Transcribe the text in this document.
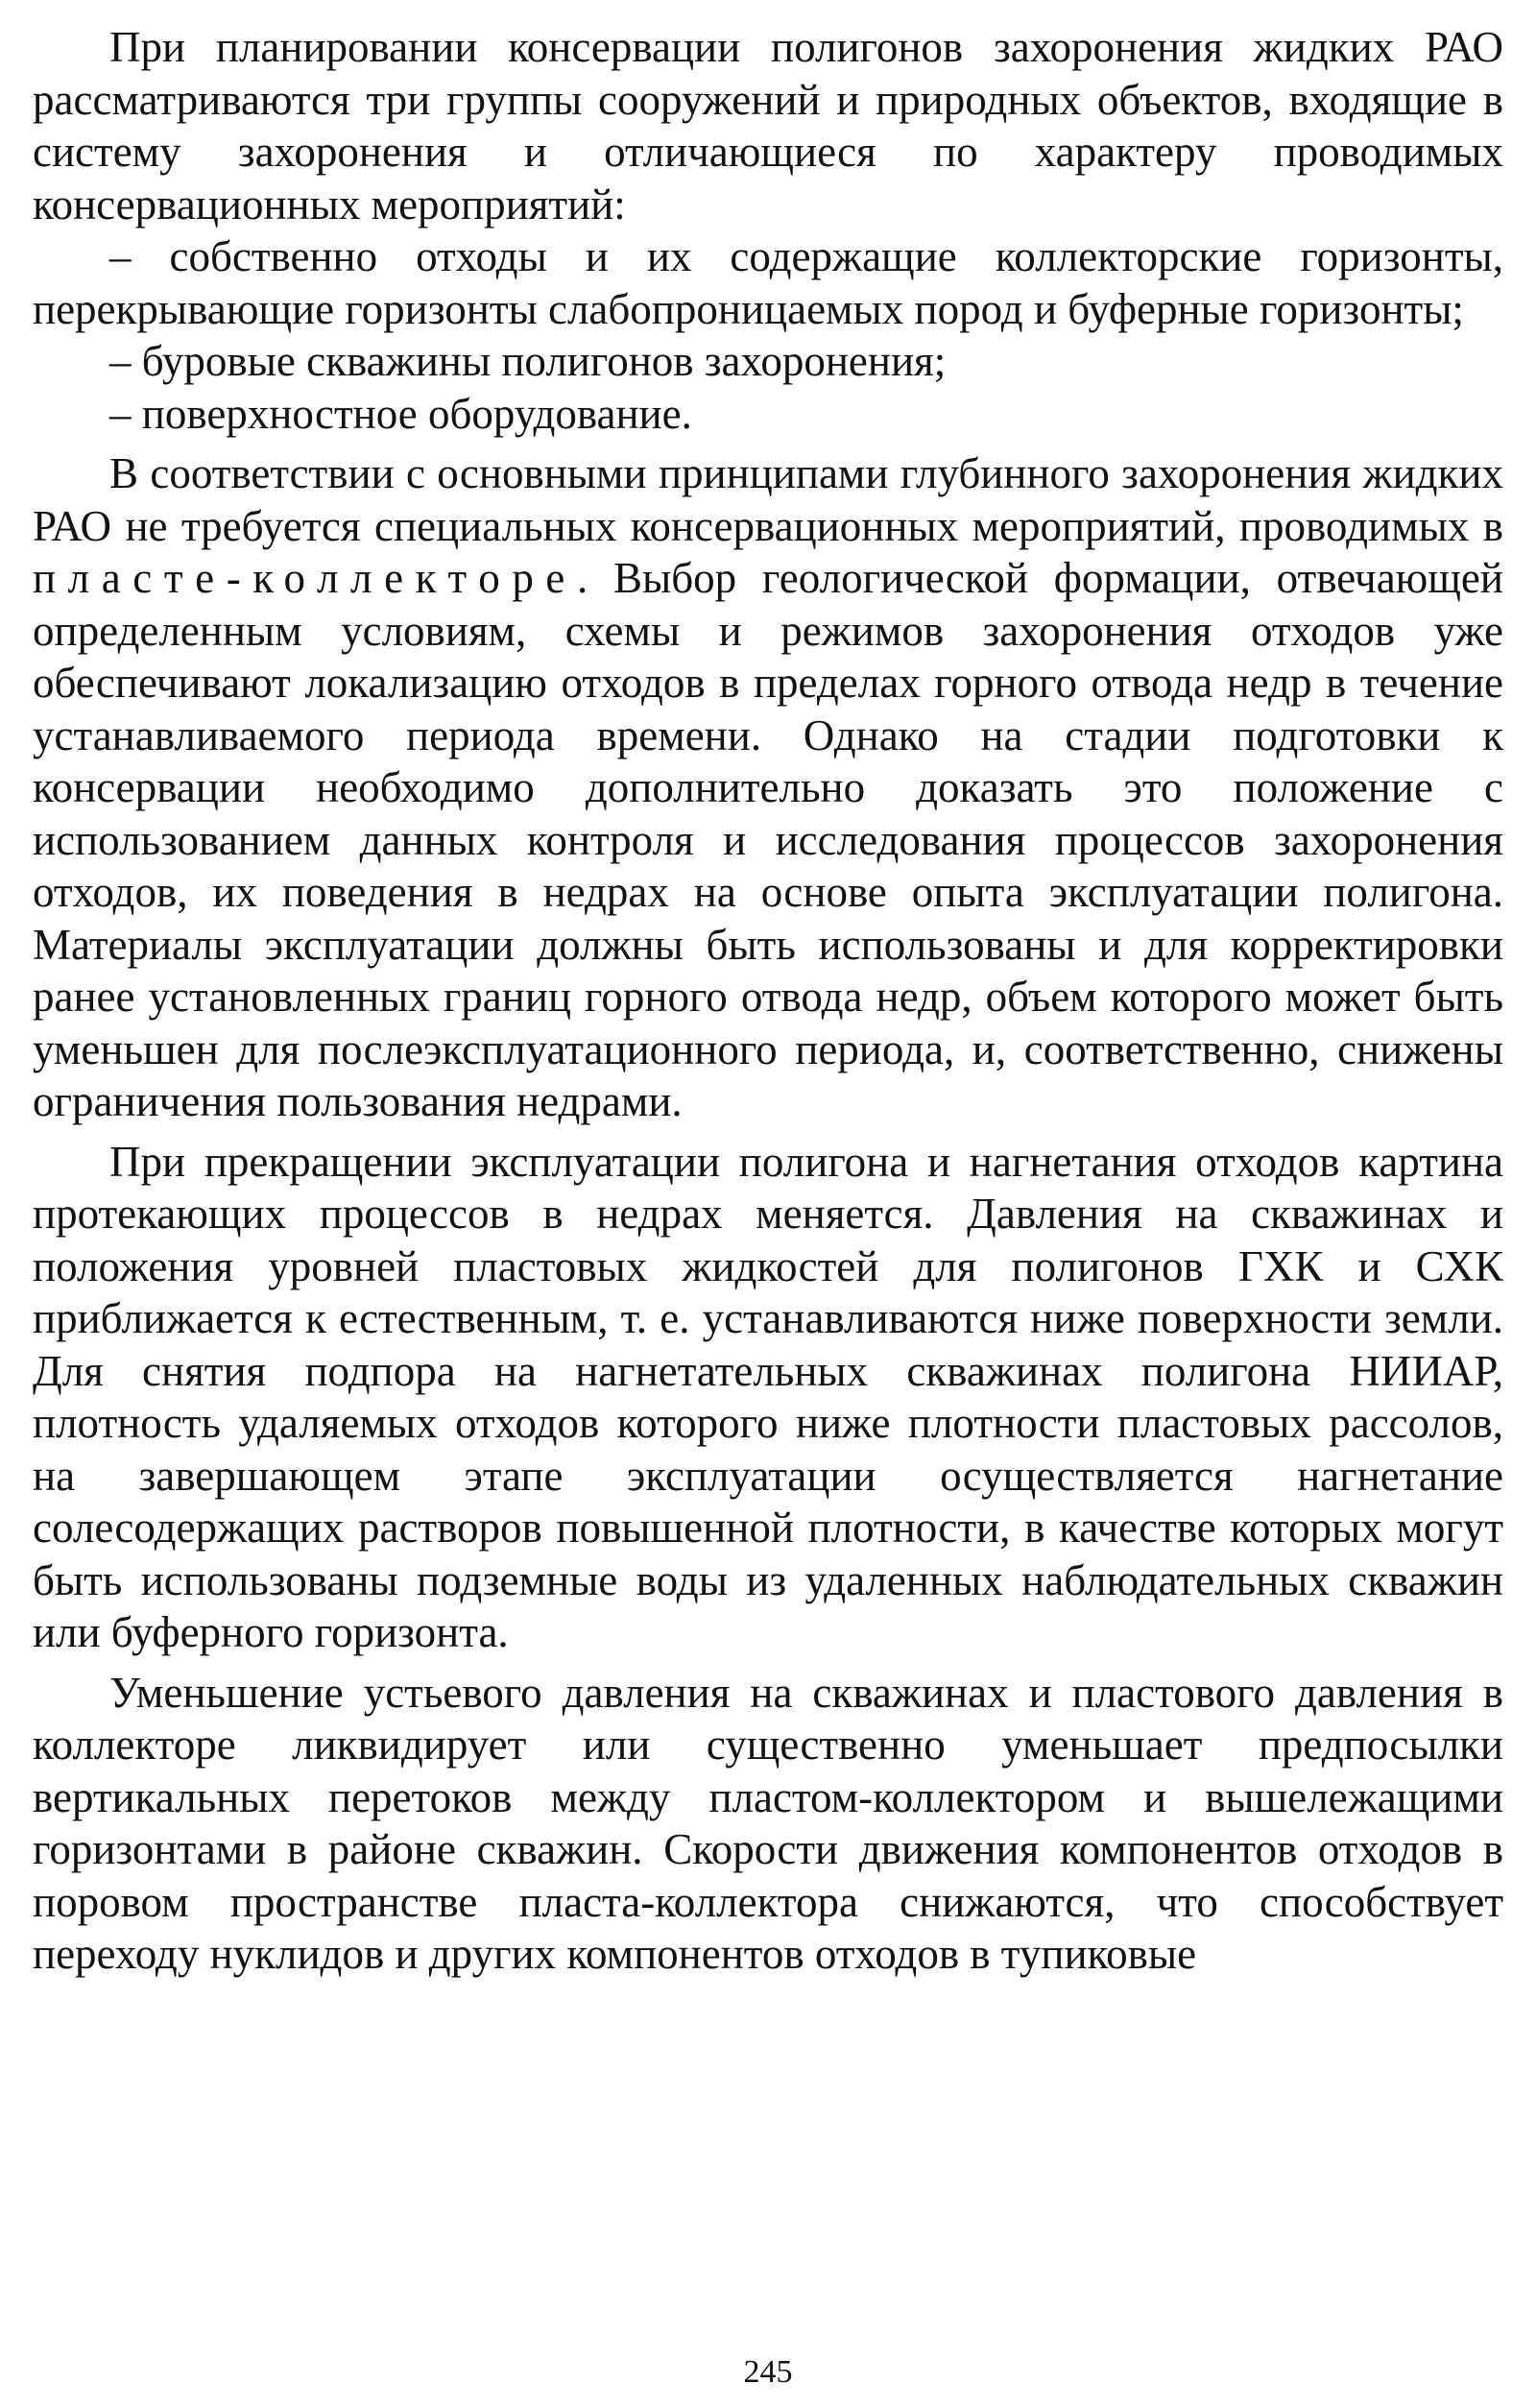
При планировании консервации полигонов захоронения жидких РАО рассматриваются три группы сооружений и природных объектов, входящие в систему захоронения и отличающиеся по характеру проводимых консервационных мероприятий:

– собственно отходы и их содержащие коллекторские горизонты, перекрывающие горизонты слабопроницаемых пород и буферные горизонты;

– буровые скважины полигонов захоронения;

– поверхностное оборудование.

В соответствии с основными принципами глубинного захоронения жидких РАО не требуется специальных консервационных мероприятий, проводимых в пласте-коллекторе. Выбор геологической формации, отвечающей определенным условиям, схемы и режимов захоронения отходов уже обеспечивают локализацию отходов в пределах горного отвода недр в течение устанавливаемого периода времени. Однако на стадии подготовки к консервации необходимо дополнительно доказать это положение с использованием данных контроля и исследования процессов захоронения отходов, их поведения в недрах на основе опыта эксплуатации полигона. Материалы эксплуатации должны быть использованы и для корректировки ранее установленных границ горного отвода недр, объем которого может быть уменьшен для послеэксплуатационного периода, и, соответственно, снижены ограничения пользования недрами.

При прекращении эксплуатации полигона и нагнетания отходов картина протекающих процессов в недрах меняется. Давления на скважинах и положения уровней пластовых жидкостей для полигонов ГХК и СХК приближается к естественным, т. е. устанавливаются ниже поверхности земли. Для снятия подпора на нагнетательных скважинах полигона НИИАР, плотность удаляемых отходов которого ниже плотности пластовых рассолов, на завершающем этапе эксплуатации осуществляется нагнетание солесодержащих растворов повышенной плотности, в качестве которых могут быть использованы подземные воды из удаленных наблюдательных скважин или буферного горизонта.

Уменьшение устьевого давления на скважинах и пластового давления в коллекторе ликвидирует или существенно уменьшает предпосылки вертикальных перетоков между пластом-коллектором и вышележащими горизонтами в районе скважин. Скорости движения компонентов отходов в поровом пространстве пласта-коллектора снижаются, что способствует переходу нуклидов и других компонентов отходов в тупиковые

245
